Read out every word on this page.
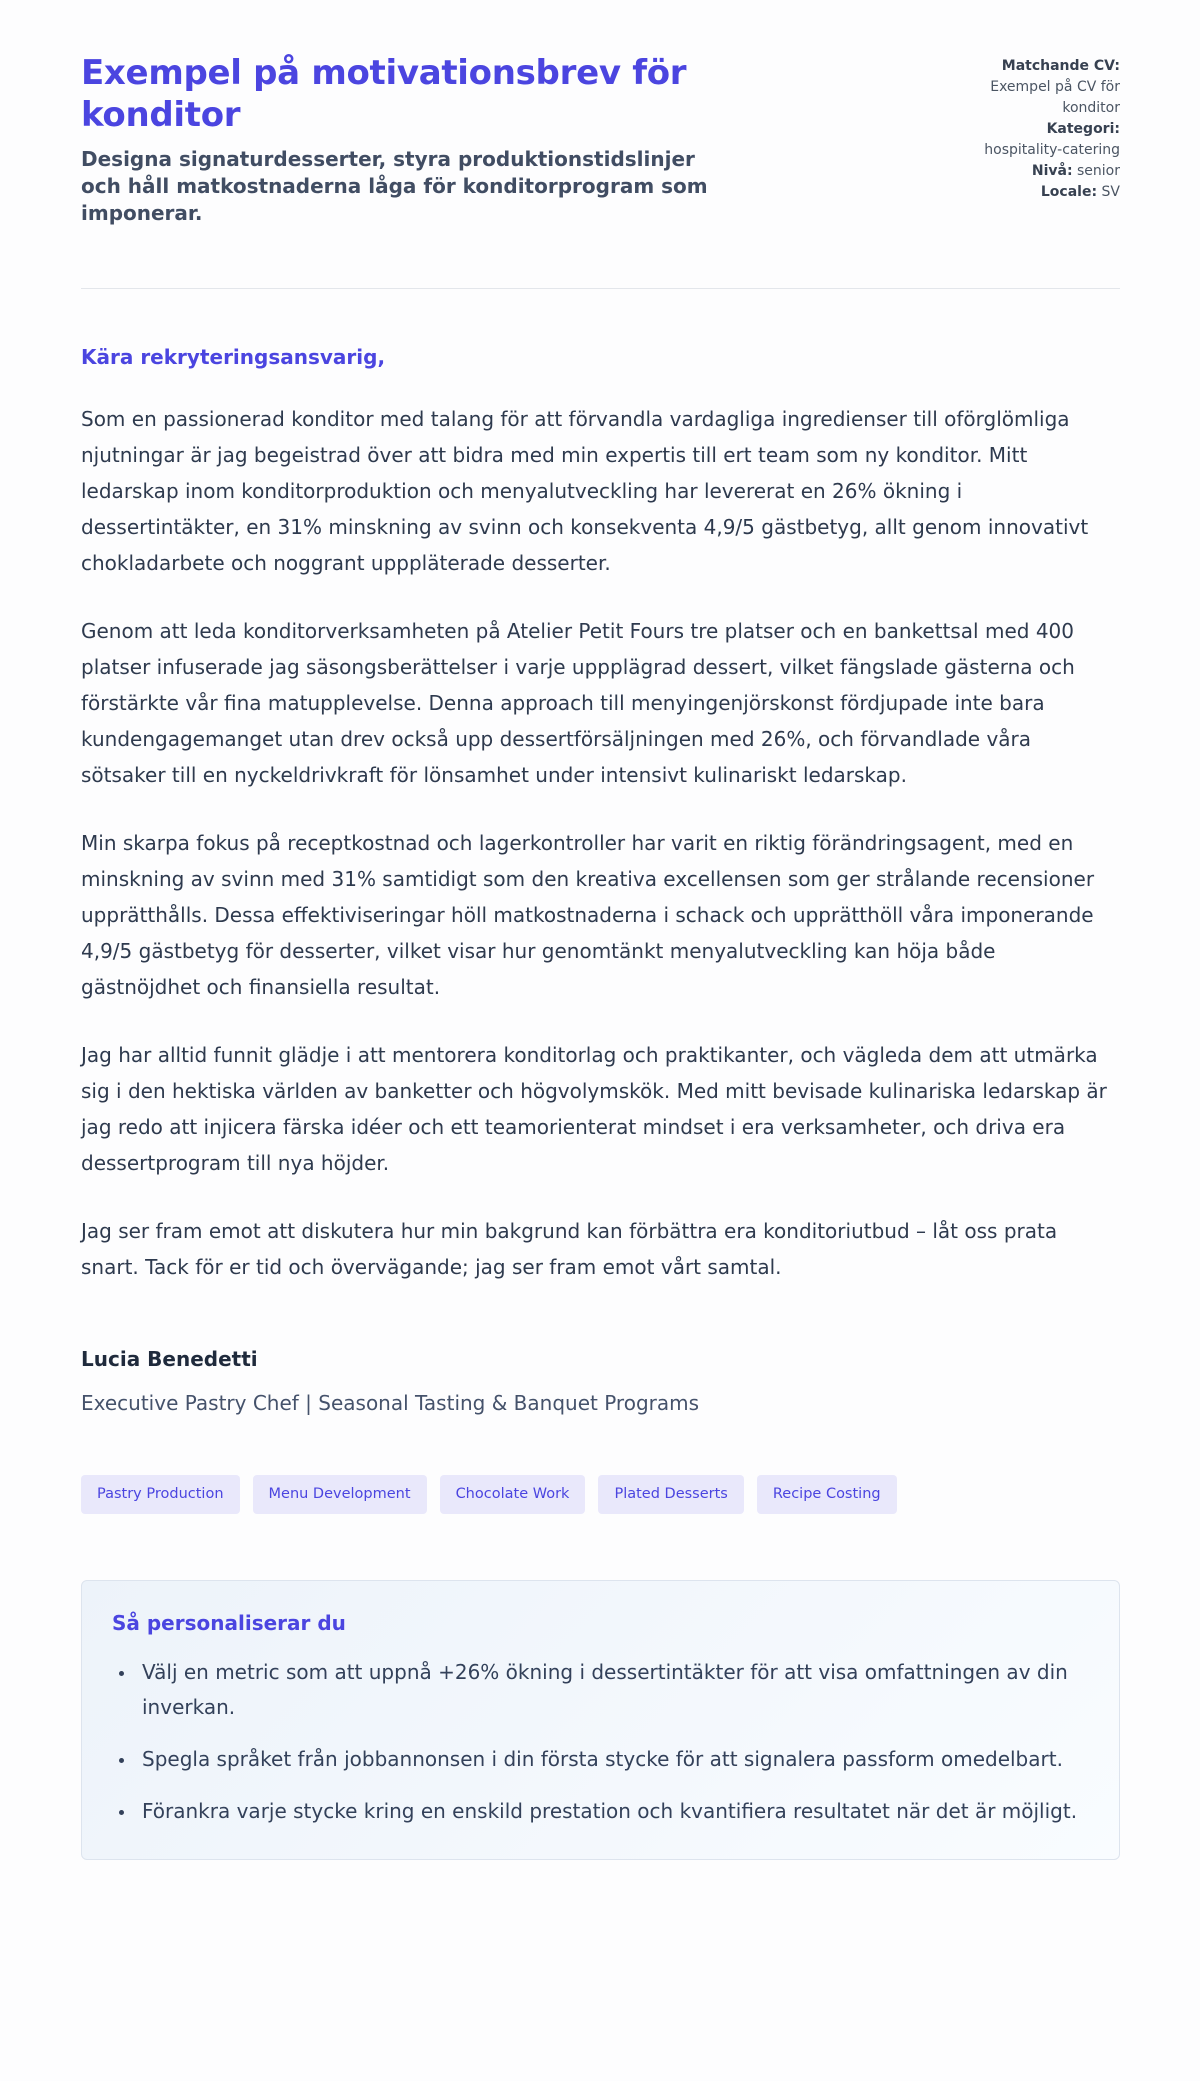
Exempel på motivationsbrev för konditor
Designa signaturdesserter, styra produktionstidslinjer och håll matkostnaderna låga för konditorprogram som imponerar.
Matchande CV:
Exempel på CV för konditor
Kategori:
hospitality-catering
Nivå: senior
Locale: SV
Kära rekryteringsansvarig,

Som en passionerad konditor med talang för att förvandla vardagliga ingredienser till oförglömliga njutningar är jag begeistrad över att bidra med min expertis till ert team som ny konditor. Mitt ledarskap inom konditorproduktion och menyalutveckling har levererat en 26% ökning i dessertintäkter, en 31% minskning av svinn och konsekventa 4,9/5 gästbetyg, allt genom innovativt chokladarbete och noggrant upppläterade desserter.

Genom att leda konditorverksamheten på Atelier Petit Fours tre platser och en bankettsal med 400 platser infuserade jag säsongsberättelser i varje uppplägrad dessert, vilket fängslade gästerna och förstärkte vår fina matupplevelse. Denna approach till menyingenjörskonst fördjupade inte bara kundengagemanget utan drev också upp dessertförsäljningen med 26%, och förvandlade våra sötsaker till en nyckeldrivkraft för lönsamhet under intensivt kulinariskt ledarskap.

Min skarpa fokus på receptkostnad och lagerkontroller har varit en riktig förändringsagent, med en minskning av svinn med 31% samtidigt som den kreativa excellensen som ger strålande recensioner upprätthålls. Dessa effektiviseringar höll matkostnaderna i schack och upprätthöll våra imponerande 4,9/5 gästbetyg för desserter, vilket visar hur genomtänkt menyalutveckling kan höja både gästnöjdhet och finansiella resultat.

Jag har alltid funnit glädje i att mentorera konditorlag och praktikanter, och vägleda dem att utmärka sig i den hektiska världen av banketter och högvolymskök. Med mitt bevisade kulinariska ledarskap är jag redo att injicera färska idéer och ett teamorienterat mindset i era verksamheter, och driva era dessertprogram till nya höjder.

Jag ser fram emot att diskutera hur min bakgrund kan förbättra era konditoriutbud – låt oss prata snart. Tack för er tid och övervägande; jag ser fram emot vårt samtal.

Lucia Benedetti
Executive Pastry Chef | Seasonal Tasting & Banquet Programs
Pastry Production	Menu Development	Chocolate Work	Plated Desserts	Recipe Costing
Så personaliserar du
• Välj en metric som att uppnå +26% ökning i dessertintäkter för att visa omfattningen av din inverkan.
• Spegla språket från jobbannonsen i din första stycke för att signalera passform omedelbart.
• Förankra varje stycke kring en enskild prestation och kvantifiera resultatet när det är möjligt.
